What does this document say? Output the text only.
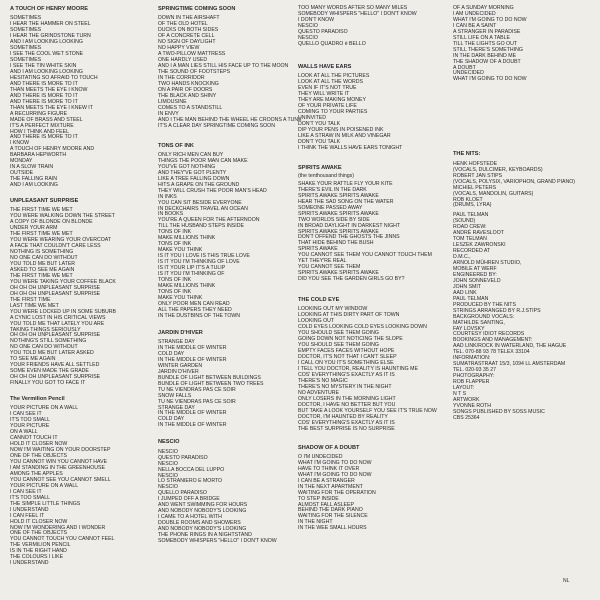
A TOUCH OF HENRY MOORE
SOMETIMES
I HEAR THE HAMMER ON STEEL
SOMETIMES
I HEAR THE GRINDSTONE TURN
AND I AM LOOKING LOOKING
SOMETIMES
I SEE THE COOL WET STONE
SOMETIMES
I SEE THE TIN WHITE SKIN
AND I AM LOOKING LOOKING
HESITATING SO AFRAID TO TOUCH
AND THERE IS MORE TO IT
THAN MEETS THE EYE I KNOW
AND THERE IS MORE TO IT
AND THERE IS MORE TO IT
THAN MEETS THE EYE I KNEW IT
A RECURRING FIGURE
MADE OF BRASS AND STEEL
IT'S A PERFECT MIXTURE
HOW I THINK AND FEEL
AND THERE IS MORE TO IT
I KNOW
A TOUCH OF HENRY MOORE AND
BARBARA HEPWORTH
MONDAY
IN A SLOW TRAIN
OUTSIDE
THE FALLING RAIN
AND I AM LOOKING
UNPLEASANT SURPRISE
THE FIRST TIME WE MET
YOU WERE WALKING DOWN THE STREET
A COPY OF BLONDE ON BLONDE
UNDER YOUR ARM
THE FIRST TIME WE MET
YOU WERE WEARING YOUR OVERCOAT
A FACE THAT COULDN'T CARE LESS
NOTHING IS SOMETHING
NO ONE CAN DO WITHOUT
YOU TOLD ME BUT LATER
ASKED TO SEE ME AGAIN
THE FIRST TIME WE MET
YOU WERE TAKING YOUR COFFEE BLACK
OH OH OH UNPLEASANT SURPRISE
OH OH OH UNPLEASANT SURPRISE
THE FIRST TIME
LAST TIME WE MET
YOU WERE LOCKED UP IN SOME SUBURB
A CYNIC LOST IN HIS CRITICAL VIEWS
YOU TOLD ME THAT LATELY YOU ARE
TAKING THINGS SERIOUSLY
OH OH OH UNPLEASANT SURPRISE
NOTHING'S STILL SOMETHING
NO ONE CAN DO WITHOUT
YOU TOLD ME BUT LATER ASKED
TO SEE ME AGAIN
YOUR FRIENDS HAVE ALL SETTLED
SOME EVEN MADE THE GRADE
OH OH OH UNPLEASANT SURPRISE
FINALLY YOU GOT TO FACE IT
The Vermilion Pencil
YOUR PICTURE ON A WALL
I CAN SEE IT
IT'S TOO SMALL
YOUR PICTURE
ON A WALL
CANNOT TOUCH IT
HOLD IT CLOSER NOW
NOW I'M WAITING ON YOUR DOORSTEP
ONE OF THE OBJECTS
YOU CANNOT WIN YOU CANNOT HAVE
I AM STANDING IN THE GREENHOUSE
AMONG THE APPLES
YOU CANNOT SEE YOU CANNOT SMELL
YOUR PICTURE ON A WALL
I CAN SEE IT
IT'S TOO SMALL
THE SIMPLE LITTLE THINGS
I UNDERSTAND
I CAN FEEL IT
HOLD IT CLOSER NOW
NOW I'M WONDERING AND I WONDER
ONE OF THE OBJECTS
YOU CANNOT TOUCH YOU CANNOT FEEL
THE VERMILION PENCIL
IS IN THE RIGHT HAND
THE COLOURS I LIKE
I UNDERSTAND
SPRINGTIME COMING SOON
DOWN IN THE AIRSHAFT
OF THE OLD HOTEL
DUCKS ON BOTH SIDES
OF A CONCRETE CELL
NO SIGN OF DAYLIGHT
NO HAPPY VIEW
A TWO-PILLOW MATTRESS
ONE HARDLY USED
AND I A MAN LIES STILL HIS FACE UP TO THE MOON
THE SOUND OF FOOTSTEPS
IN THE CORRIDOR
TWO HANDS KNOCKING
ON A PAIR OF DOORS
THE BLACK AND SHINY
LIMOUSINE
COMES TO A STANDSTILL
IN ENVY
AND I THE MAN BEHIND THE WHEEL HE CROONS A TUNE
IT'S A CLEAR DAY SPRINGTIME COMING SOON
TONS OF INK
ONLY RICH MEN CAN BUY
THINGS THE POOR MAN CAN MAKE
YOU'VE GOT NOTHING
AND THEY'VE GOT PLENTY
LIKE A TREE FALLING DOWN
HITS A GRAPE ON THE GROUND
THEY WILL CRUSH THE POOR MAN'S HEAD
IN INKS
YOU CAN SIT BESIDE EVERYONE
IN DECKCHAIRS TRAVEL AN OCEAN
IN BOOKS
YOU'RE A QUEEN FOR THE AFTERNOON
TILL THE HUSBAND STEPS INSIDE
TONS OF INK
MAKE MILLIONS THINK
TONS OF INK
MAKE YOU THINK
IS IT YOU I LOVE IS THIS TRUE LOVE
IS IT YOU I'M THINKING OF LOVE
IS IT YOUR LIP IT'S A TULIP
IS IT YOU I'M THINKING OF
TONS OF INK
MAKE MILLIONS THINK
TONS OF INK
MAKE YOU THINK
ONLY POOR MEN CAN READ
ALL THE PAPERS THEY NEED
IN THE DUSTBINS OF THE TOWN
JARDIN D'HIVER
STRANGE DAY
IN THE MIDDLE OF WINTER
COLD DAY
IN THE MIDDLE OF WINTER
WINTER GARDEN
JARDIN D'HIVER
BUNDLE OF LIGHT BETWEEN BUILDINGS
BUNDLE OF LIGHT BETWEEN TWO TREES
TU NE VIENDRAS PAS CE SOIR
SNOW FALLS
TU NE VIENDRAS PAS CE SOIR
STRANGE DAY
IN THE MIDDLE OF WINTER
COLD DAY
IN THE MIDDLE OF WINTER
NESCIO
NESCIO
QUESTO PARADISO
NESCIO
NELLA BOCCA DEL LUPPO
NESCIO
LO STRANIERO E MORTO
NESCIO
QUELLO PARADISO
I JUMPED OFF A BRIDGE
AND WENT SWIMMING FOR HOURS
AND NOBODY NOBODY'S LOOKING
I CAME TO A HOTEL WITH
DOUBLE ROOMS AND SHOWERS
AND NOBODY NOBODY'S LOOKING
THE PHONE RINGS IN A NIGHTSTAND
SOMEBODY WHISPERS "HELLO" I DON'T KNOW
TOO MANY WORDS AFTER SO MANY MILES
SOMEBODY WHISPERS "HELLO" I DON'T KNOW
I DON'T KNOW
NESCIO
QUESTO PARADISO
NESCIO
QUELLO QUADRO è BELLO
WALLS HAVE EARS
LOOK AT ALL THE PICTURES
LOOK AT ALL THE WORDS
EVEN IF IT'S NOT TRUE
THEY WILL WRITE IT
THEY ARE MAKING MONEY
OF YOUR PRIVATE LIFE
COMING TO YOUR PARTIES
UNINVITED
DON'T YOU TALK
DIP YOUR PENS IN POISENED INK
LIKE A STRAW IN MILK AND VINEGAR
DON'T YOU TALK
I THINK THE WALLS HAVE EARS TONIGHT
SPIRITS AWAKE
(the tenthousand things)
SHAKE YOUR RATTLE FLY YOUR KITE
THERE'S EVIL IN THE DARK
SPIRITS AWAKE SPIRITS AWAKE
HEAR THE SAD SONG ON THE WATER
SOMEONE PASSED AWAY
SPIRITS AWAKE SPIRITS AWAKE
TWO WORLDS SIDE BY SIDE
IN BROAD DAYLIGHT IN DARKEST NIGHT
SPIRITS AWAKE SPIRITS AWAKE
DON'T OFFEND THE GHOSTS THE JINNS
THAT HIDE BEHIND THE BUSH
SPIRITS AWAKE
YOU CANNOT SEE THEM YOU CANNOT TOUCH THEM
YET THEY'RE REAL
YOU CANNOT SEE THEM
SPIRITS AWAKE SPIRITS AWAKE
DID YOU SEE THE GARDEN GIRLS GO BY?
THE COLD EYE
LOOKING OUT MY WINDOW
LOOKING AT THIS DIRTY PART OF TOWN
LOOKING OUT
COLD EYES LOOKING COLD EYES LOOKING DOWN
YOU SHOULD SEE THEM GOING
GOING DOWN NOT NOTICING THE SLOPE
YOU SHOULD SEE THEM GOING
EMPTY FACES FACES WITHOUT HOPE
DOCTOR, IT'S NOT THAT I CAN'T SLEEP
I CALL ON YOU IT'S SOMETHING ELSE
I TELL YOU DOCTOR, REALITY IS HAUNTING ME
COS' EVERYTHING'S EXACTLY AS IT IS
THERE'S NO MAGIC
THERE'S NO MYSTERY IN THE NIGHT
NO ADVENTURE
ONLY LOSERS IN THE MORNING LIGHT
DOCTOR, I HAVE NO BETTER BUT YOU
BUT TAKE A LOOK YOURSELF YOU SEE IT'S TRUE NOW
DOCTOR, I'M HAUNTED BY REALITY
COS' EVERYTHING'S EXACTLY AS IT IS
THE BEST SURPRISE IS NO SURPRISE
SHADOW OF A DOUBT
O I'M UNDECIDED
WHAT I'M GOING TO DO NOW
HAVE TO THINK IT OVER
WHAT I'M GOING TO DO NOW
I CAN BE A STRANGER
IN THE NEXT APARTMENT
WAITING FOR THE OPERATION
TO STEP INSIDE
ALMOST FALL ASLEEP
BEHIND THE DARK PIANO
WAITING FOR THE SILENCE
IN THE NIGHT
IN THE WEE SMALL HOURS
OF A SUNDAY MORNING
I AM UNDECIDED
WHAT I'M GOING TO DO NOW
I CAN BE A SAINT
A STRANGER IN PARADISE
STILL LIFE ON A TABLE
TILL THE LIGHTS GO OUT
STILL THERE'S SOMETHING
IN THE DARK BEHIND ME
THE SHADOW OF A DOUBT
A DOUBT
UNDECIDED
WHAT I'M GOING TO DO NOW
THE NITS:
HENK HOFSTEDE
(VOCALS, DULCIMER, KEYBOARDS)
ROBERT JAN STIPS
(VOCALS, POLYSIX, VARIOPHON, GRAND PIANO)
MICHIEL PETERS
(VOCALS, MANDOLIN, GUITARS)
ROB KLOET
(DRUMS, LYRA)
PAUL TELMAN
(SOUND)
ROAD CREW:
ANDRÉ RAVESLOOT
TOM TELMAN
LESZEK ZAWRONSKI
RECORDED AT
D.M.C.,
ARNOLD MÜHREN STUDIO,
MOBILE AT WERF
ENGINEERED BY:
JOHN SONNEVELD
JOHN SMIT
AAD LINK
PAUL TELMAN
PRODUCED BY THE NITS
STRINGS ARRANGED BY R.J.STIPS
BACKGROUND VOCALS:
MATHILDE SANTING,
FAY LOVSKY
COURTESY IDIOT RECORDS
BOOKINGS AND MANAGEMENT:
AAD LINK/ROCK IN WATERLAND, THE HAGUE
TEL. 070-88 93 78 TELEX 33104
INFORMATION:
SUMATRASTRAAT 15/3, 1094 LL AMSTERDAM
TEL. 020-93 35 27
PHOTOGRAPHY:
ROB FLAPPER
LAYOUT:
N T S
ARTWORK
YVONNE ROTH
SONGS PUBLISHED BY SOSS MUSIC
CBS 25364
NL
